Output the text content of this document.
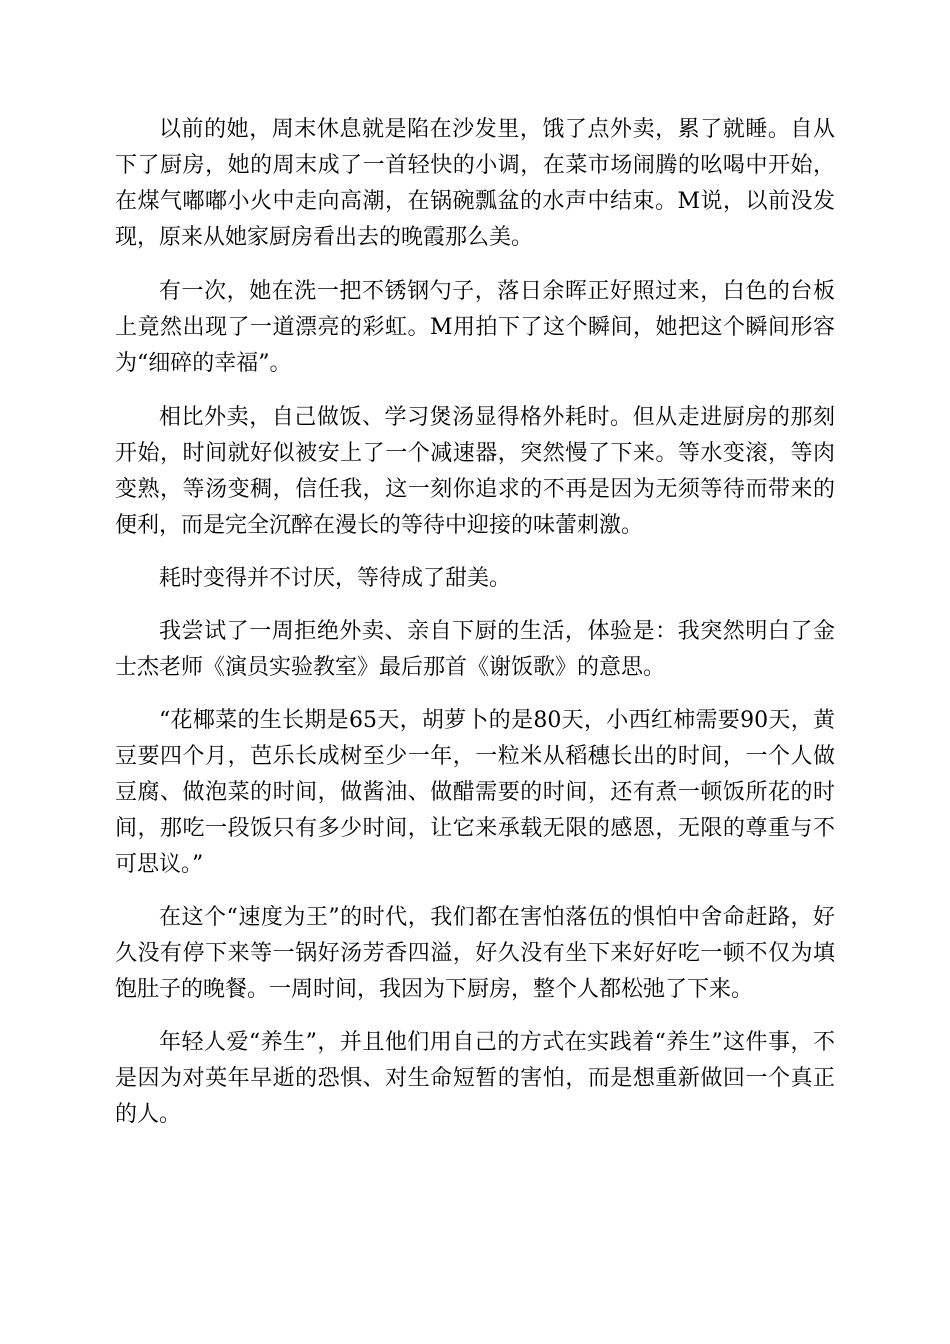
以前的她，周末休息就是陷在沙发里，饿了点外卖，累了就睡。自从下了厨房，她的周末成了一首轻快的小调，在菜市场闹腾的吆喝中开始，在煤气嘟嘟小火中走向高潮，在锅碗瓢盆的水声中结束。M说，以前没发现，原来从她家厨房看出去的晚霞那么美。

有一次，她在洗一把不锈钢勺子，落日余晖正好照过来，白色的台板上竟然出现了一道漂亮的彩虹。M用拍下了这个瞬间，她把这个瞬间形容为“细碎的幸福”。

相比外卖，自己做饭、学习煲汤显得格外耗时。但从走进厨房的那刻开始，时间就好似被安上了一个减速器，突然慢了下来。等水变滚，等肉变熟，等汤变稠，信任我，这一刻你追求的不再是因为无须等待而带来的便利，而是完全沉醉在漫长的等待中迎接的味蕾刺激。

耗时变得并不讨厌，等待成了甜美。

我尝试了一周拒绝外卖、亲自下厨的生活，体验是：我突然明白了金士杰老师《演员实验教室》最后那首《谢饭歌》的意思。

“花椰菜的生长期是65天，胡萝卜的是80天，小西红柿需要90天，黄豆要四个月，芭乐长成树至少一年，一粒米从稻穗长出的时间，一个人做豆腐、做泡菜的时间，做酱油、做醋需要的时间，还有煮一顿饭所花的时间，那吃一段饭只有多少时间，让它来承载无限的感恩，无限的尊重与不可思议。”

在这个“速度为王”的时代，我们都在害怕落伍的惧怕中舍命赶路，好久没有停下来等一锅好汤芳香四溢，好久没有坐下来好好吃一顿不仅为填饱肚子的晚餐。一周时间，我因为下厨房，整个人都松弛了下来。

年轻人爱“养生”，并且他们用自己的方式在实践着“养生”这件事，不是因为对英年早逝的恐惧、对生命短暂的害怕，而是想重新做回一个真正的人。
